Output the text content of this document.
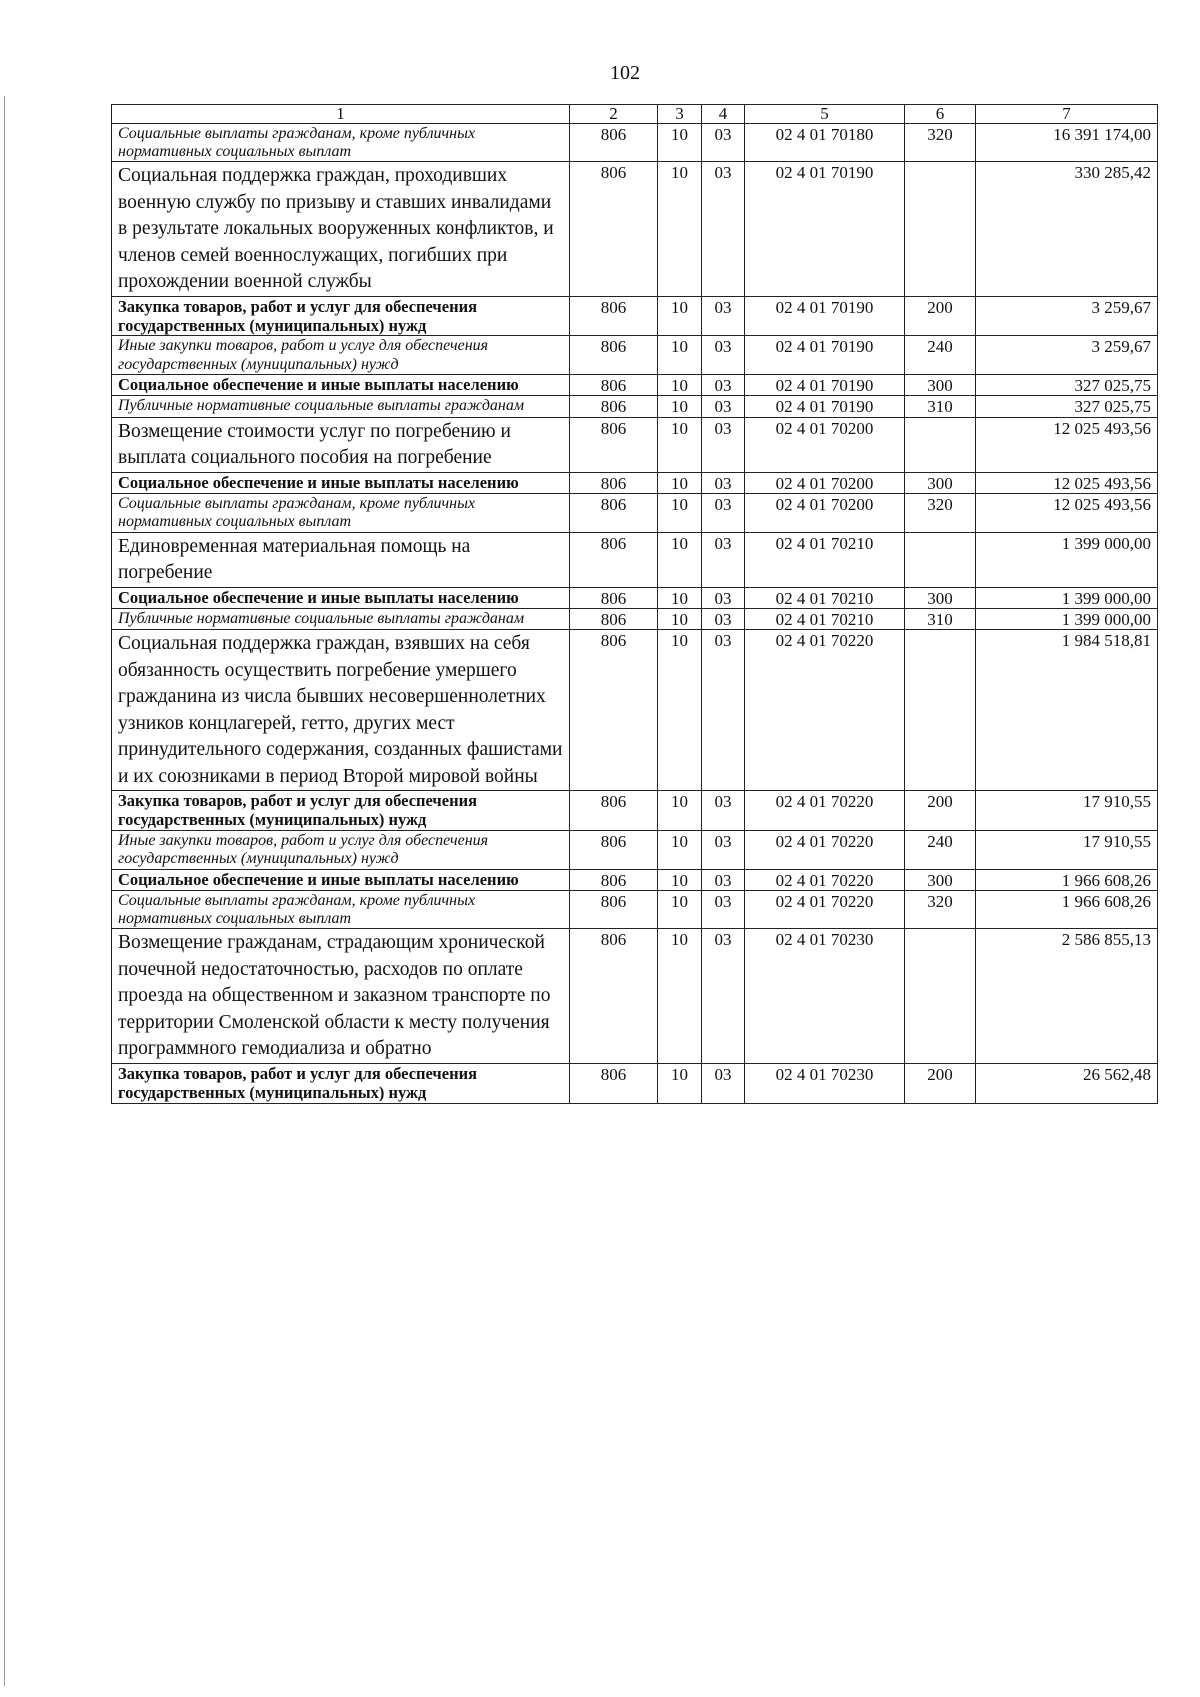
102
1	2	3	4	5	6	7
Социальные выплаты гражданам, кроме публичных нормативных социальных выплат	806	10	03	02 4 01 70180	320	16 391 174,00
Социальная поддержка граждан, проходивших военную службу по призыву и ставших инвалидами в результате локальных вооруженных конфликтов, и членов семей военнослужащих, погибших при прохождении военной службы	806	10	03	02 4 01 70190		330 285,42
Закупка товаров, работ и услуг для обеспечения государственных (муниципальных) нужд	806	10	03	02 4 01 70190	200	3 259,67
Иные закупки товаров, работ и услуг для обеспечения государственных (муниципальных) нужд	806	10	03	02 4 01 70190	240	3 259,67
Социальное обеспечение и иные выплаты населению	806	10	03	02 4 01 70190	300	327 025,75
Публичные нормативные социальные выплаты гражданам	806	10	03	02 4 01 70190	310	327 025,75
Возмещение стоимости услуг по погребению и выплата социального пособия на погребение	806	10	03	02 4 01 70200		12 025 493,56
Социальное обеспечение и иные выплаты населению	806	10	03	02 4 01 70200	300	12 025 493,56
Социальные выплаты гражданам, кроме публичных нормативных социальных выплат	806	10	03	02 4 01 70200	320	12 025 493,56
Единовременная материальная помощь на погребение	806	10	03	02 4 01 70210		1 399 000,00
Социальное обеспечение и иные выплаты населению	806	10	03	02 4 01 70210	300	1 399 000,00
Публичные нормативные социальные выплаты гражданам	806	10	03	02 4 01 70210	310	1 399 000,00
Социальная поддержка граждан, взявших на себя обязанность осуществить погребение умершего гражданина из числа бывших несовершеннолетних узников концлагерей, гетто, других мест принудительного содержания, созданных фашистами и их союзниками в период Второй мировой войны	806	10	03	02 4 01 70220		1 984 518,81
Закупка товаров, работ и услуг для обеспечения государственных (муниципальных) нужд	806	10	03	02 4 01 70220	200	17 910,55
Иные закупки товаров, работ и услуг для обеспечения государственных (муниципальных) нужд	806	10	03	02 4 01 70220	240	17 910,55
Социальное обеспечение и иные выплаты населению	806	10	03	02 4 01 70220	300	1 966 608,26
Социальные выплаты гражданам, кроме публичных нормативных социальных выплат	806	10	03	02 4 01 70220	320	1 966 608,26
Возмещение гражданам, страдающим хронической почечной недостаточностью, расходов по оплате проезда на общественном и заказном транспорте по территории Смоленской области к месту получения программного гемодиализа и обратно	806	10	03	02 4 01 70230		2 586 855,13
Закупка товаров, работ и услуг для обеспечения государственных (муниципальных) нужд	806	10	03	02 4 01 70230	200	26 562,48
